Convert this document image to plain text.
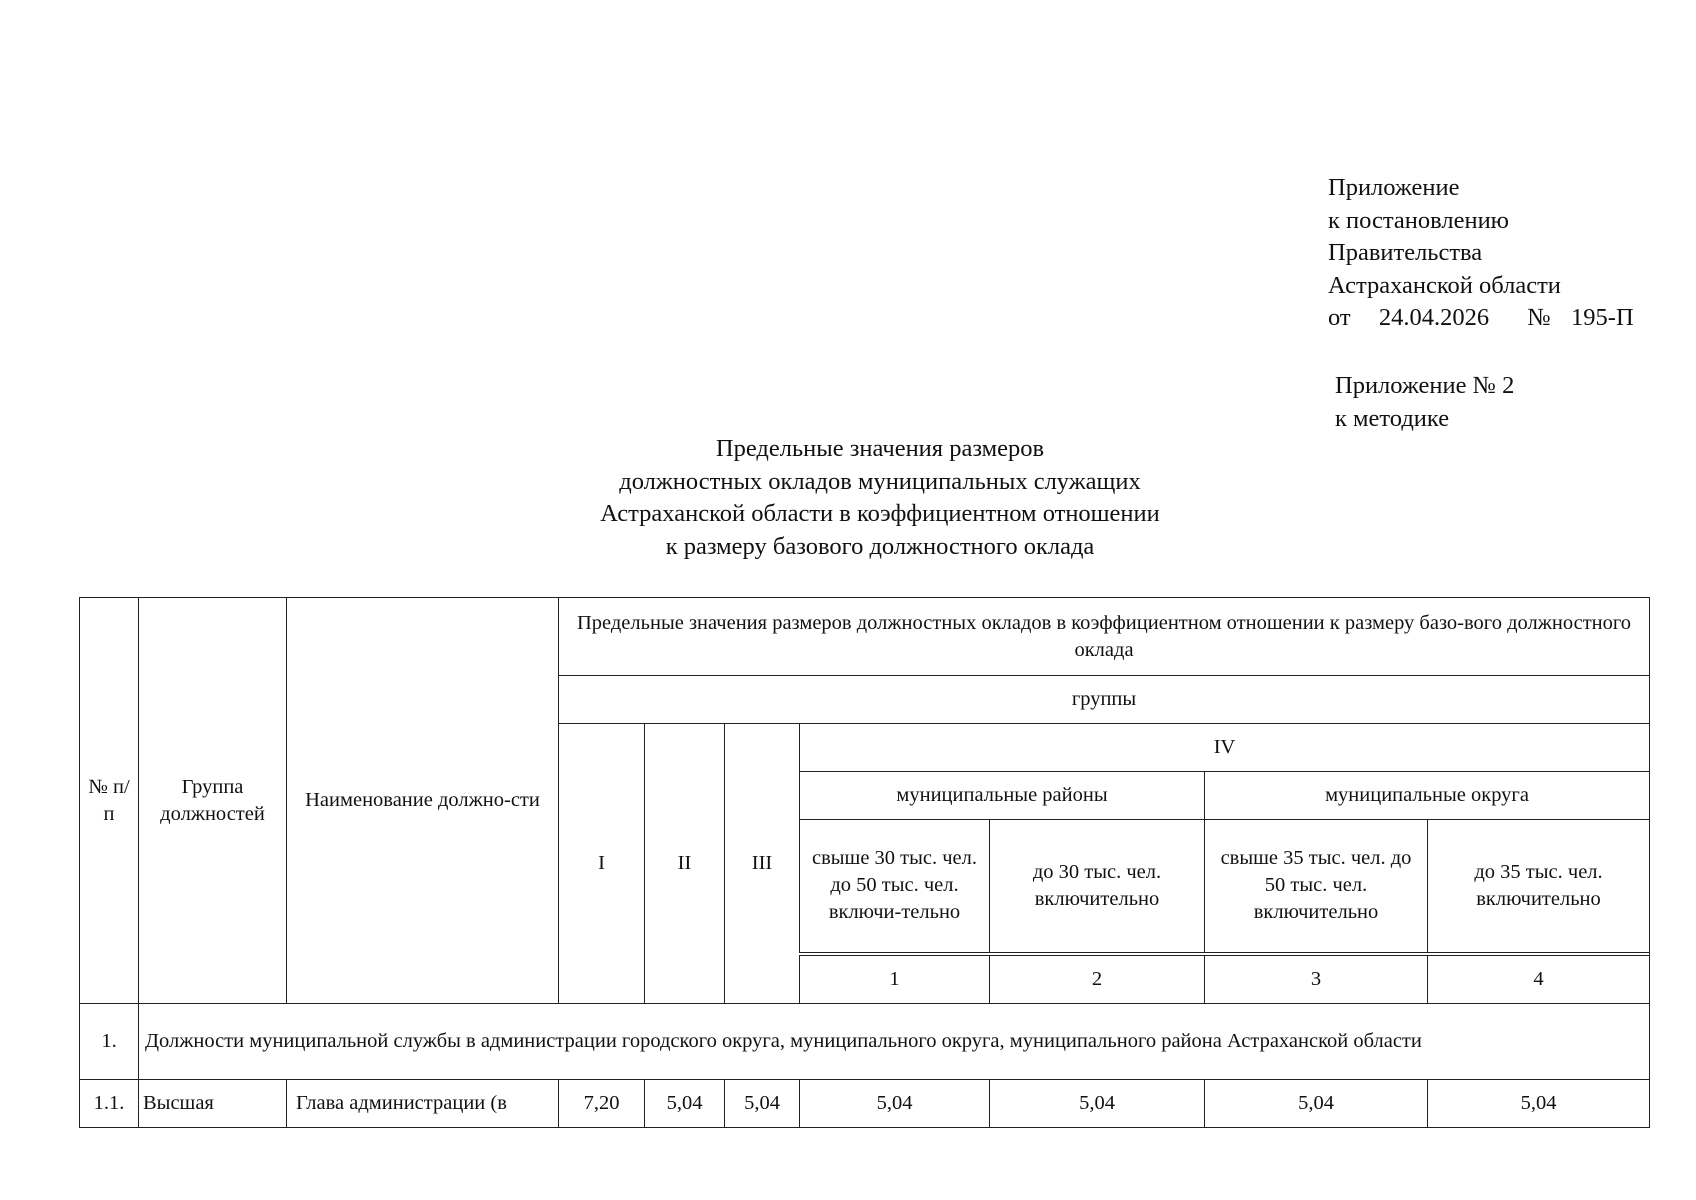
Приложение
к постановлению
Правительства
Астраханской области
от 24.04.2026 № 195-П
Приложение № 2
к методике
Предельные значения размеров
должностных окладов муниципальных служащих
Астраханской области в коэффициентном отношении
к размеру базового должностного оклада
№ п/п	Группа должностей	Наименование должно-сти	Предельные значения размеров должностных окладов в коэффициентном отношении к размеру базо-вого должностного оклада							
			группы							
			I	II	III	IV				
						муниципальные районы		муниципальные округа		
						свыше 30 тыс. чел. до 50 тыс. чел. включи-тельно	до 30 тыс. чел. включительно	свыше 35 тыс. чел. до 50 тыс. чел. включительно	до 35 тыс. чел. включительно	
						1	2	3	4						
1.	Должности муниципальной службы в администрации городского округа, муниципального округа, муниципального района Астраханской области									
1.1.	Высшая	Глава администрации (в	7,20	5,04	5,04	5,04	5,04	5,04	5,04	
